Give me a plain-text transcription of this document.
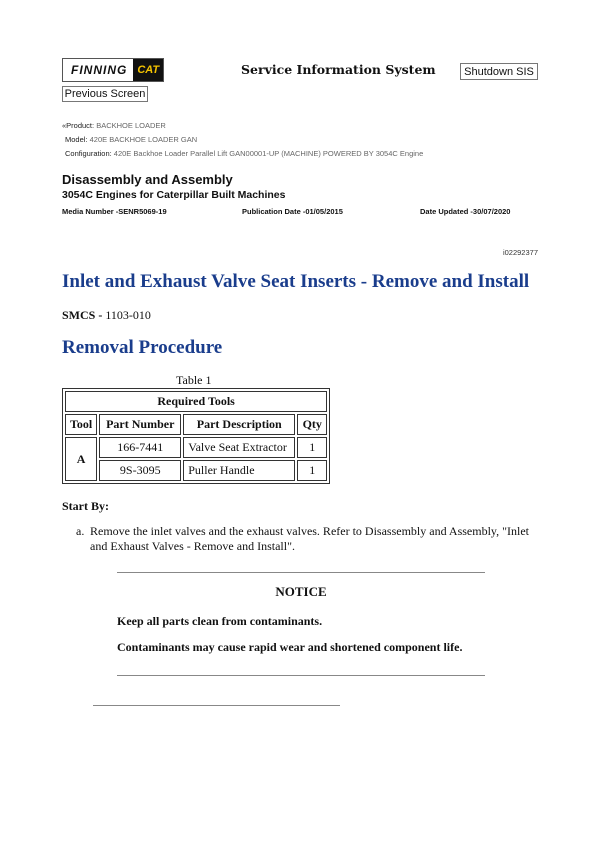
FINNING CAT	Service Information System	Shutdown SIS
Previous Screen
«Product: BACKHOE LOADER
Model: 420E BACKHOE LOADER GAN
Configuration: 420E Backhoe Loader Parallel Lift GAN00001-UP (MACHINE) POWERED BY 3054C Engine
Disassembly and Assembly
3054C Engines for Caterpillar Built Machines
Media Number -SENR5069-19	Publication Date -01/05/2015	Date Updated -30/07/2020
i02292377
Inlet and Exhaust Valve Seat Inserts - Remove and Install
SMCS - 1103-010
Removal Procedure
Table 1
Required Tools			
Tool	Part Number	Part Description	Qty
A	166-7441	Valve Seat Extractor	1
	9S-3095	Puller Handle	1
Start By:
a. Remove the inlet valves and the exhaust valves. Refer to Disassembly and Assembly, "Inlet and Exhaust Valves - Remove and Install".
NOTICE
Keep all parts clean from contaminants.
Contaminants may cause rapid wear and shortened component life.
